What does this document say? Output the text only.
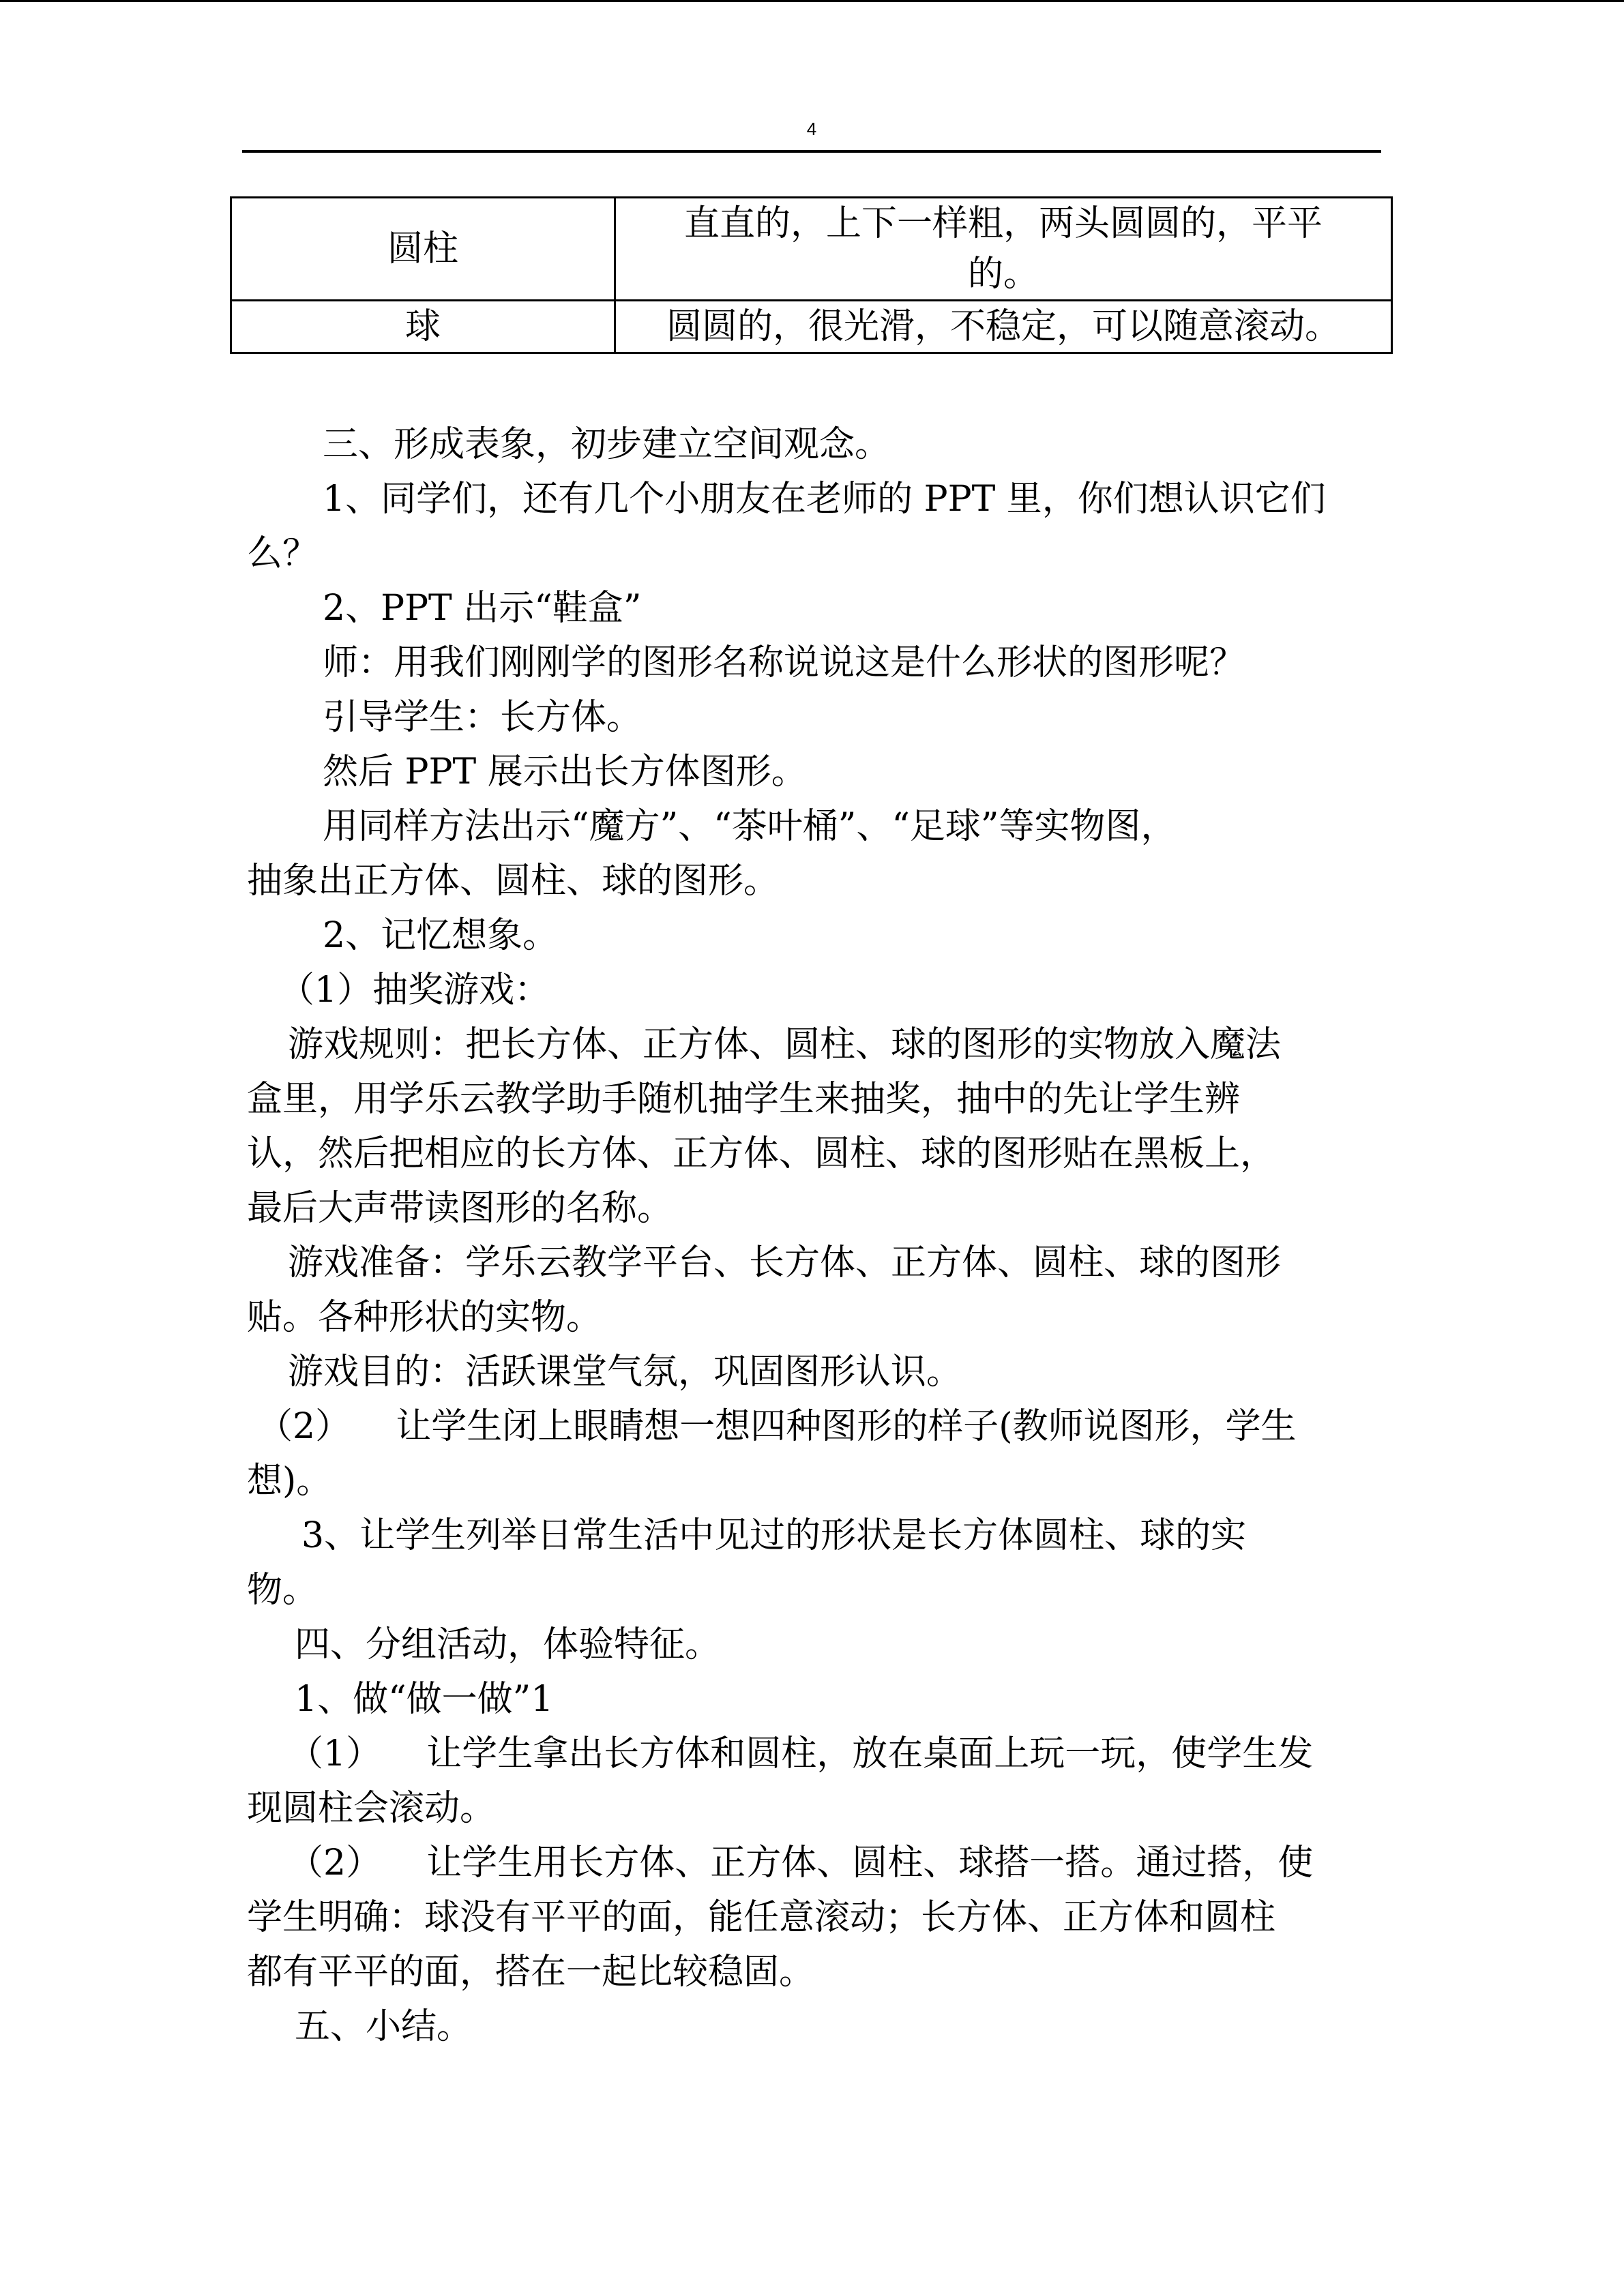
4
圆柱	直直的，上下一样粗，两头圆圆的，平平
的。

球	圆圆的，很光滑，不稳定，可以随意滚动。

三、形成表象，初步建立空间观念。

1、同学们，还有几个小朋友在老师的 PPT 里，你们想认识它们

么？

2、PPT 出示“鞋盒”

师：用我们刚刚学的图形名称说说这是什么形状的图形呢？

引导学生：长方体。

然后 PPT 展示出长方体图形。

用同样方法出示“魔方”、“茶叶桶”、“足球”等实物图，

抽象出正方体、圆柱、球的图形。

2、记忆想象。

（1）抽奖游戏：

游戏规则：把长方体、正方体、圆柱、球的图形的实物放入魔法

盒里，用学乐云教学助手随机抽学生来抽奖，抽中的先让学生辨

认，然后把相应的长方体、正方体、圆柱、球的图形贴在黑板上，

最后大声带读图形的名称。

游戏准备：学乐云教学平台、长方体、正方体、圆柱、球的图形

贴。各种形状的实物。

游戏目的：活跃课堂气氛，巩固图形认识。

（2）    让学生闭上眼睛想一想四种图形的样子(教师说图形，学生

想)。

3、让学生列举日常生活中见过的形状是长方体圆柱、球的实

物。

四、分组活动，体验特征。

1、做“做一做”1

（1）    让学生拿出长方体和圆柱，放在桌面上玩一玩，使学生发

现圆柱会滚动。

（2）    让学生用长方体、正方体、圆柱、球搭一搭。通过搭，使

学生明确：球没有平平的面，能任意滚动；长方体、正方体和圆柱

都有平平的面，搭在一起比较稳固。

五、小结。
